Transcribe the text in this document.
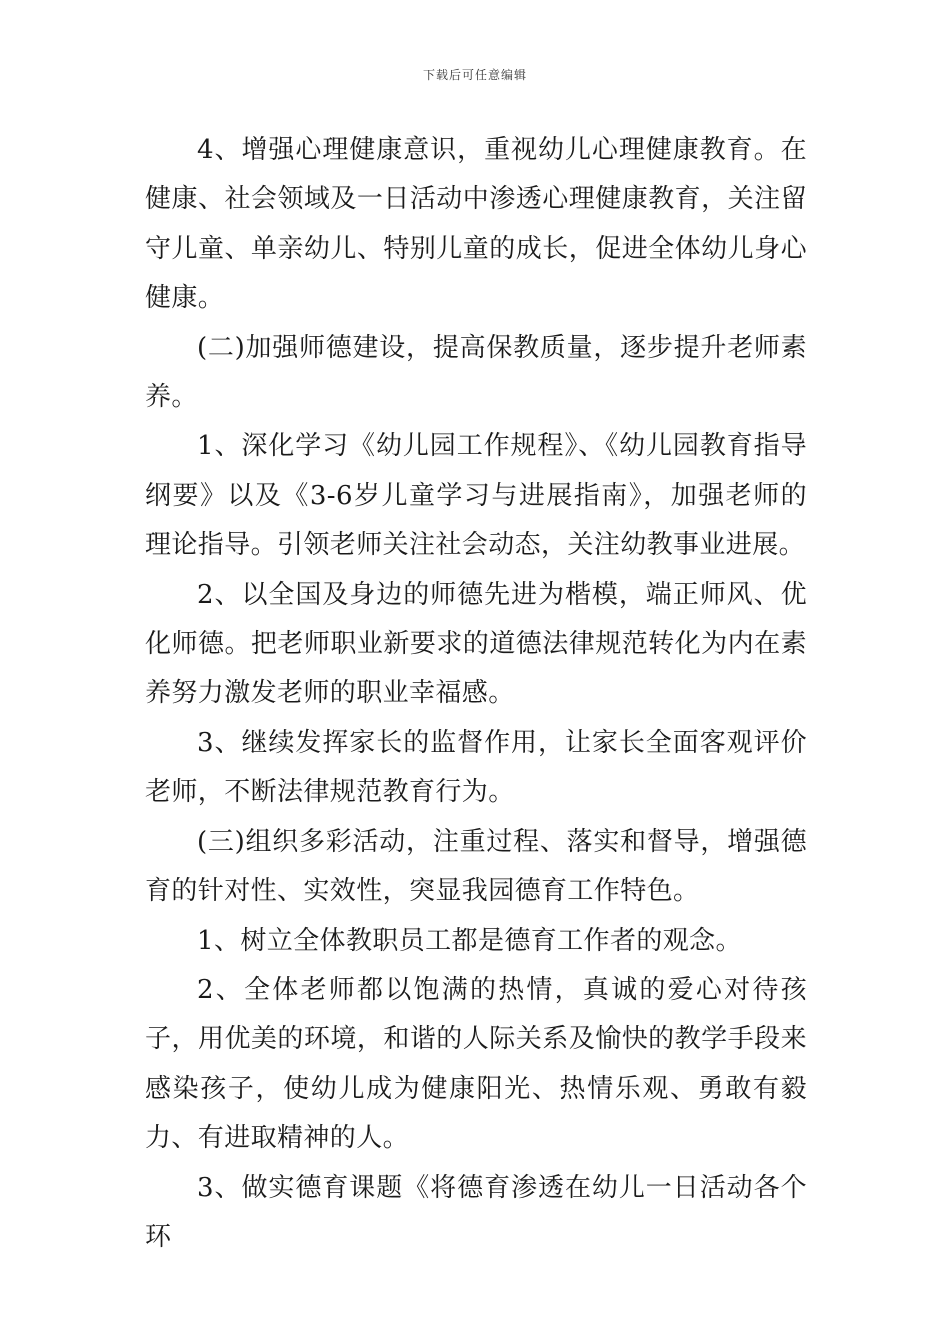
下载后可任意编辑

4、增强心理健康意识，重视幼儿心理健康教育。在健康、社会领域及一日活动中渗透心理健康教育，关注留守儿童、单亲幼儿、特别儿童的成长，促进全体幼儿身心健康。

(二)加强师德建设，提高保教质量，逐步提升老师素养。

1、深化学习《幼儿园工作规程》、《幼儿园教育指导纲要》以及《3-6岁儿童学习与进展指南》，加强老师的理论指导。引领老师关注社会动态，关注幼教事业进展。

2、以全国及身边的师德先进为楷模，端正师风、优化师德。把老师职业新要求的道德法律规范转化为内在素养努力激发老师的职业幸福感。

3、继续发挥家长的监督作用，让家长全面客观评价老师，不断法律规范教育行为。

(三)组织多彩活动，注重过程、落实和督导，增强德育的针对性、实效性，突显我园德育工作特色。

1、树立全体教职员工都是德育工作者的观念。

2、全体老师都以饱满的热情，真诚的爱心对待孩子，用优美的环境，和谐的人际关系及愉快的教学手段来感染孩子，使幼儿成为健康阳光、热情乐观、勇敢有毅力、有进取精神的人。

3、做实德育课题《将德育渗透在幼儿一日活动各个环
